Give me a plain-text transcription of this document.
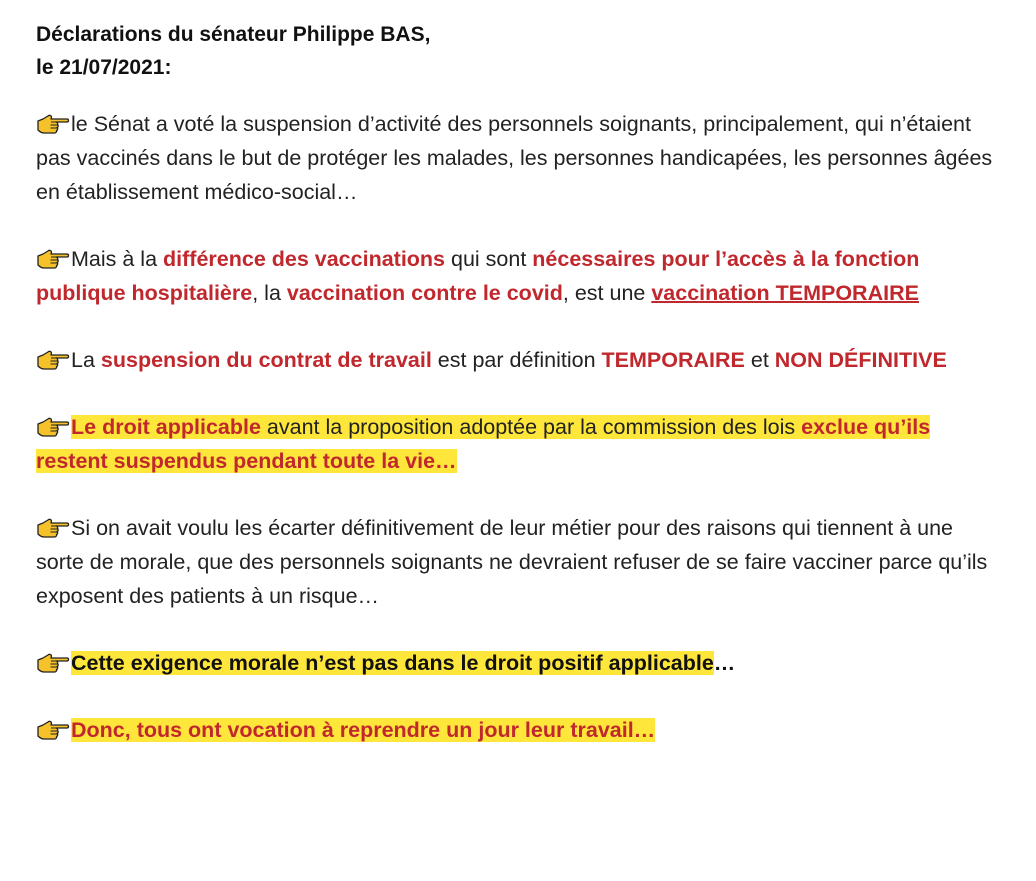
Déclarations du sénateur Philippe BAS,
le 21/07/2021:

le Sénat a voté la suspension d’activité des personnels soignants, principalement, qui n’étaient pas vaccinés dans le but de protéger les malades, les personnes handicapées, les personnes âgées en établissement médico-social…

Mais à la différence des vaccinations qui sont nécessaires pour l’accès à la fonction publique hospitalière, la vaccination contre le covid, est une vaccination TEMPORAIRE

La suspension du contrat de travail est par définition TEMPORAIRE et NON DÉFINITIVE

Le droit applicable avant la proposition adoptée par la commission des lois exclue qu’ils restent suspendus pendant toute la vie…

Si on avait voulu les écarter définitivement de leur métier pour des raisons qui tiennent à une sorte de morale, que des personnels soignants ne devraient refuser de se faire vacciner parce qu’ils exposent des patients à un risque…

Cette exigence morale n’est pas dans le droit positif applicable…

Donc, tous ont vocation à reprendre un jour leur travail…
